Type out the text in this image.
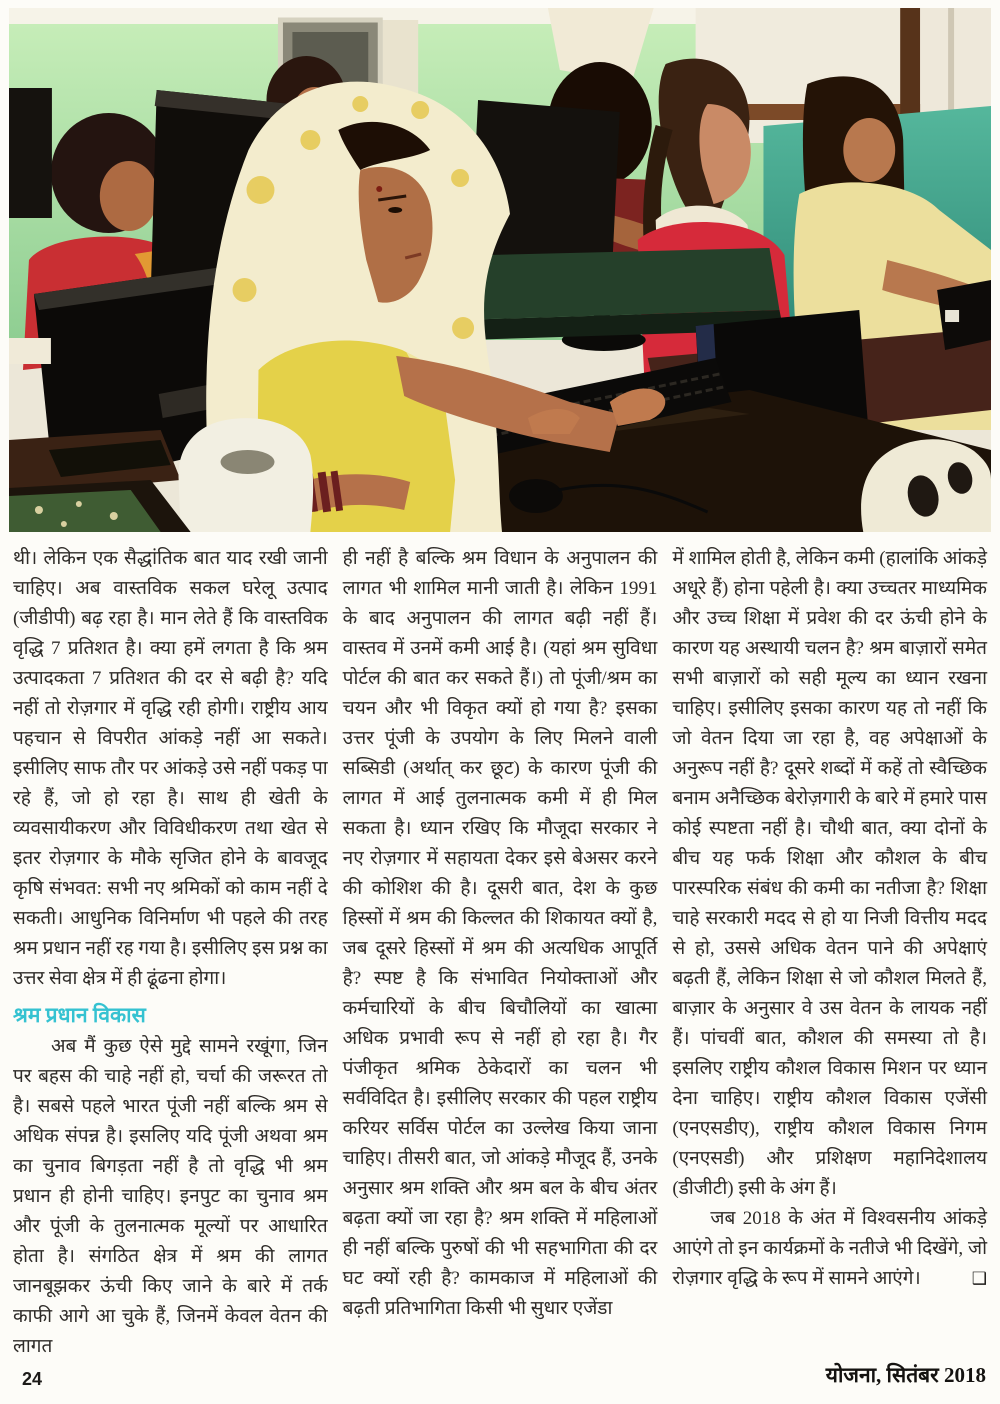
थी। लेकिन एक सैद्धांतिक बात याद रखी जानी चाहिए। अब वास्तविक सकल घरेलू उत्पाद (जीडीपी) बढ़ रहा है। मान लेते हैं कि वास्तविक वृद्धि 7 प्रतिशत है। क्या हमें लगता है कि श्रम उत्पादकता 7 प्रतिशत की दर से बढ़ी है? यदि नहीं तो रोज़गार में वृद्धि रही होगी। राष्ट्रीय आय पहचान से विपरीत आंकड़े नहीं आ सकते। इसीलिए साफ तौर पर आंकड़े उसे नहीं पकड़ पा रहे हैं, जो हो रहा है। साथ ही खेती के व्यवसायीकरण और विविधीकरण तथा खेत से इतर रोज़गार के मौके सृजित होने के बावजूद कृषि संभवत: सभी नए श्रमिकों को काम नहीं दे सकती। आधुनिक विनिर्माण भी पहले की तरह श्रम प्रधान नहीं रह गया है। इसीलिए इस प्रश्न का उत्तर सेवा क्षेत्र में ही ढूंढना होगा।

श्रम प्रधान विकास

अब मैं कुछ ऐसे मुद्दे सामने रखूंगा, जिन पर बहस की चाहे नहीं हो, चर्चा की जरूरत तो है। सबसे पहले भारत पूंजी नहीं बल्कि श्रम से अधिक संपन्न है। इसलिए यदि पूंजी अथवा श्रम का चुनाव बिगड़ता नहीं है तो वृद्धि भी श्रम प्रधान ही होनी चाहिए। इनपुट का चुनाव श्रम और पूंजी के तुलनात्मक मूल्यों पर आधारित होता है। संगठित क्षेत्र में श्रम की लागत जानबूझकर ऊंची किए जाने के बारे में तर्क काफी आगे आ चुके हैं, जिनमें केवल वेतन की लागत

ही नहीं है बल्कि श्रम विधान के अनुपालन की लागत भी शामिल मानी जाती है। लेकिन 1991 के बाद अनुपालन की लागत बढ़ी नहीं हैं। वास्तव में उनमें कमी आई है। (यहां श्रम सुविधा पोर्टल की बात कर सकते हैं।) तो पूंजी/श्रम का चयन और भी विकृत क्यों हो गया है? इसका उत्तर पूंजी के उपयोग के लिए मिलने वाली सब्सिडी (अर्थात् कर छूट) के कारण पूंजी की लागत में आई तुलनात्मक कमी में ही मिल सकता है। ध्यान रखिए कि मौजूदा सरकार ने नए रोज़गार में सहायता देकर इसे बेअसर करने की कोशिश की है। दूसरी बात, देश के कुछ हिस्सों में श्रम की किल्लत की शिकायत क्यों है, जब दूसरे हिस्सों में श्रम की अत्यधिक आपूर्ति है? स्पष्ट है कि संभावित नियोक्ताओं और कर्मचारियों के बीच बिचौलियों का खात्मा अधिक प्रभावी रूप से नहीं हो रहा है। गैर पंजीकृत श्रमिक ठेकेदारों का चलन भी सर्वविदित है। इसीलिए सरकार की पहल राष्ट्रीय करियर सर्विस पोर्टल का उल्लेख किया जाना चाहिए। तीसरी बात, जो आंकड़े मौजूद हैं, उनके अनुसार श्रम शक्ति और श्रम बल के बीच अंतर बढ़ता क्यों जा रहा है? श्रम शक्ति में महिलाओं ही नहीं बल्कि पुरुषों की भी सहभागिता की दर घट क्यों रही है? कामकाज में महिलाओं की बढ़ती प्रतिभागिता किसी भी सुधार एजेंडा

में शामिल होती है, लेकिन कमी (हालांकि आंकड़े अधूरे हैं) होना पहेली है। क्या उच्चतर माध्यमिक और उच्च शिक्षा में प्रवेश की दर ऊंची होने के कारण यह अस्थायी चलन है? श्रम बाज़ारों समेत सभी बाज़ारों को सही मूल्य का ध्यान रखना चाहिए। इसीलिए इसका कारण यह तो नहीं कि जो वेतन दिया जा रहा है, वह अपेक्षाओं के अनुरूप नहीं है? दूसरे शब्दों में कहें तो स्वैच्छिक बनाम अनैच्छिक बेरोज़गारी के बारे में हमारे पास कोई स्पष्टता नहीं है। चौथी बात, क्या दोनों के बीच यह फर्क शिक्षा और कौशल के बीच पारस्परिक संबंध की कमी का नतीजा है? शिक्षा चाहे सरकारी मदद से हो या निजी वित्तीय मदद से हो, उससे अधिक वेतन पाने की अपेक्षाएं बढ़ती हैं, लेकिन शिक्षा से जो कौशल मिलते हैं, बाज़ार के अनुसार वे उस वेतन के लायक नहीं हैं। पांचवीं बात, कौशल की समस्या तो है। इसलिए राष्ट्रीय कौशल विकास मिशन पर ध्यान देना चाहिए। राष्ट्रीय कौशल विकास एजेंसी (एनएसडीए), राष्ट्रीय कौशल विकास निगम (एनएसडी) और प्रशिक्षण महानिदेशालय (डीजीटी) इसी के अंग हैं।

जब 2018 के अंत में विश्वसनीय आंकड़े आएंगे तो इन कार्यक्रमों के नतीजे भी दिखेंगे, जो रोज़गार वृद्धि के रूप में सामने आएंगे।	❑

24	योजना, सितंबर 2018
